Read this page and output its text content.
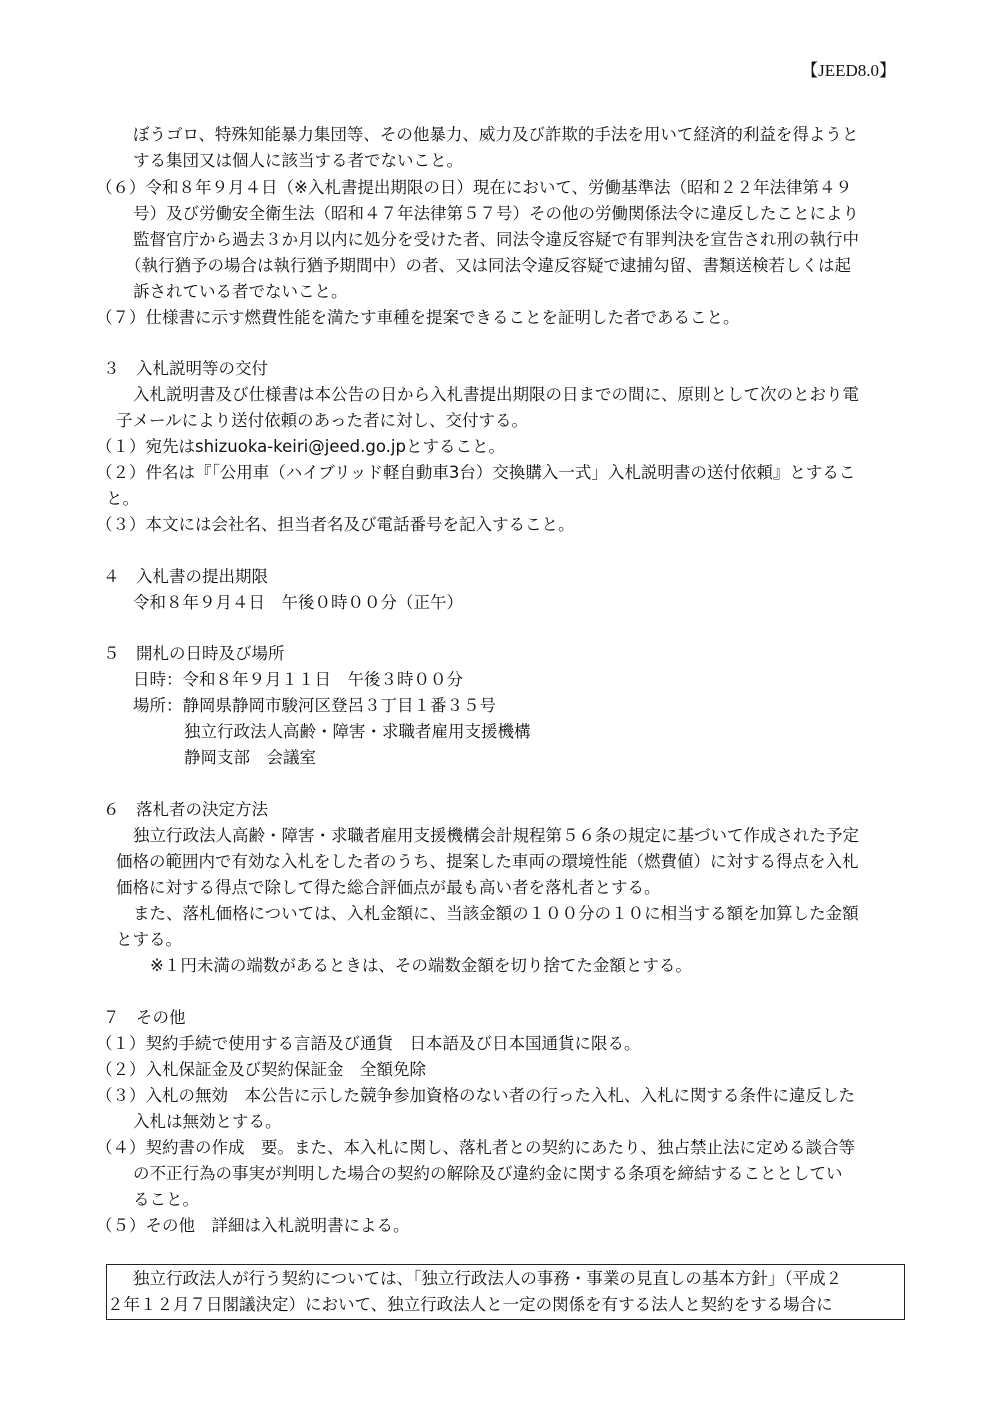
【JEED8.0】
ぼうゴロ、特殊知能暴力集団等、その他暴力、威力及び詐欺的手法を用いて経済的利益を得ようと
する集団又は個人に該当する者でないこと。
（６）令和８年９月４日（※入札書提出期限の日）現在において、労働基準法（昭和２２年法律第４９
号）及び労働安全衛生法（昭和４７年法律第５７号）その他の労働関係法令に違反したことにより
監督官庁から過去３か月以内に処分を受けた者、同法令違反容疑で有罪判決を宣告され刑の執行中
（執行猶予の場合は執行猶予期間中）の者、又は同法令違反容疑で逮捕勾留、書類送検若しくは起
訴されている者でないこと。
（７）仕様書に示す燃費性能を満たす車種を提案できることを証明した者であること。
３　入札説明等の交付
入札説明書及び仕様書は本公告の日から入札書提出期限の日までの間に、原則として次のとおり電
子メールにより送付依頼のあった者に対し、交付する。
（１）宛先はshizuoka-keiri@jeed.go.jpとすること。
（２）件名は『「公用車（ハイブリッド軽自動車3台）交換購入一式」入札説明書の送付依頼』とするこ
と。
（３）本文には会社名、担当者名及び電話番号を記入すること。
４　入札書の提出期限
令和８年９月４日　午後０時００分（正午）
５　開札の日時及び場所
日時：令和８年９月１１日　午後３時００分
場所：静岡県静岡市駿河区登呂３丁目１番３５号
独立行政法人高齢・障害・求職者雇用支援機構
静岡支部　会議室
６　落札者の決定方法
独立行政法人高齢・障害・求職者雇用支援機構会計規程第５６条の規定に基づいて作成された予定
価格の範囲内で有効な入札をした者のうち、提案した車両の環境性能（燃費値）に対する得点を入札
価格に対する得点で除して得た総合評価点が最も高い者を落札者とする。
また、落札価格については、入札金額に、当該金額の１００分の１０に相当する額を加算した金額
とする。
※１円未満の端数があるときは、その端数金額を切り捨てた金額とする。
７　その他
（１）契約手続で使用する言語及び通貨　日本語及び日本国通貨に限る。
（２）入札保証金及び契約保証金　全額免除
（３）入札の無効　本公告に示した競争参加資格のない者の行った入札、入札に関する条件に違反した
入札は無効とする。
（４）契約書の作成　要。また、本入札に関し、落札者との契約にあたり、独占禁止法に定める談合等
の不正行為の事実が判明した場合の契約の解除及び違約金に関する条項を締結することとしてい
ること。
（５）その他　詳細は入札説明書による。
独立行政法人が行う契約については、「独立行政法人の事務・事業の見直しの基本方針」（平成２
２年１２月７日閣議決定）において、独立行政法人と一定の関係を有する法人と契約をする場合に
